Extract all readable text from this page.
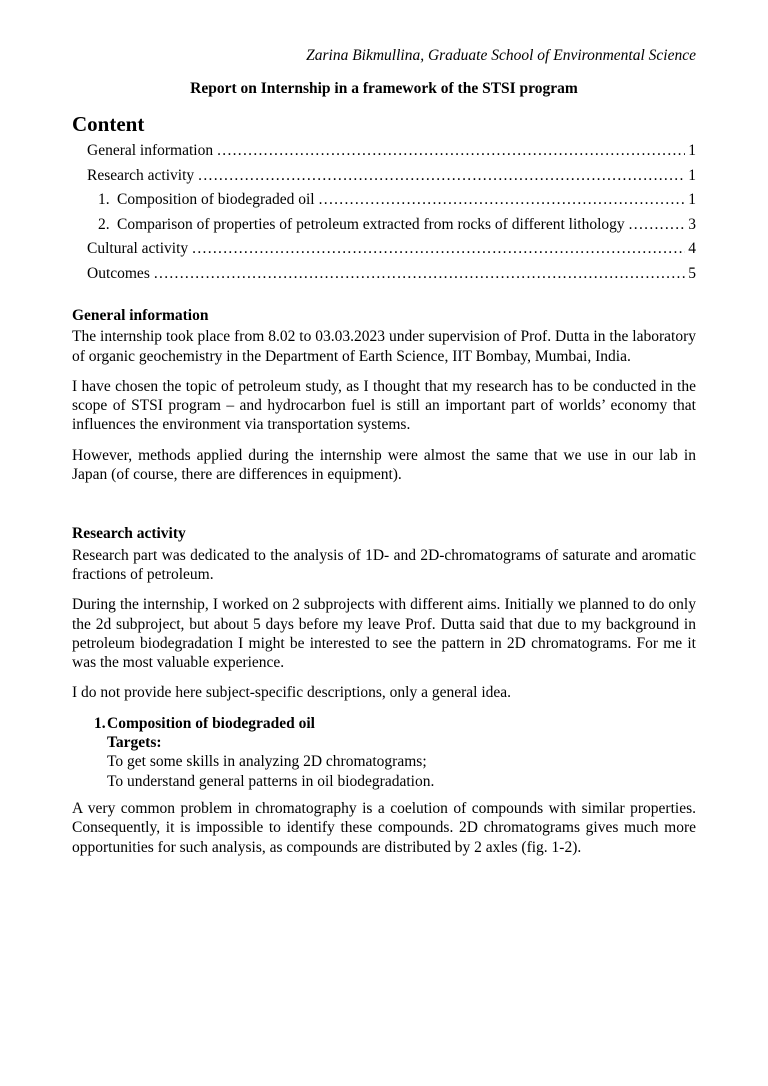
Zarina Bikmullina, Graduate School of Environmental Science
Report on Internship in a framework of the STSI program
Content
General information .....	1
Research activity .....	1
1. Composition of biodegraded oil .....	1
2. Comparison of properties of petroleum extracted from rocks of different lithology .....	3
Cultural activity .....	4
Outcomes .....	5
General information

The internship took place from 8.02 to 03.03.2023 under supervision of Prof. Dutta in the laboratory of organic geochemistry in the Department of Earth Science, IIT Bombay, Mumbai, India.

I have chosen the topic of petroleum study, as I thought that my research has to be conducted in the scope of STSI program – and hydrocarbon fuel is still an important part of worlds’ economy that influences the environment via transportation systems.

However, methods applied during the internship were almost the same that we use in our lab in Japan (of course, there are differences in equipment).

Research activity

Research part was dedicated to the analysis of 1D- and 2D-chromatograms of saturate and aromatic fractions of petroleum.

During the internship, I worked on 2 subprojects with different aims. Initially we planned to do only the 2d subproject, but about 5 days before my leave Prof. Dutta said that due to my background in petroleum biodegradation I might be interested to see the pattern in 2D chromatograms. For me it was the most valuable experience.

I do not provide here subject-specific descriptions, only a general idea.

1. Composition of biodegraded oil
Targets:
To get some skills in analyzing 2D chromatograms;
To understand general patterns in oil biodegradation.

A very common problem in chromatography is a coelution of compounds with similar properties. Consequently, it is impossible to identify these compounds. 2D chromatograms gives much more opportunities for such analysis, as compounds are distributed by 2 axles (fig. 1-2).
